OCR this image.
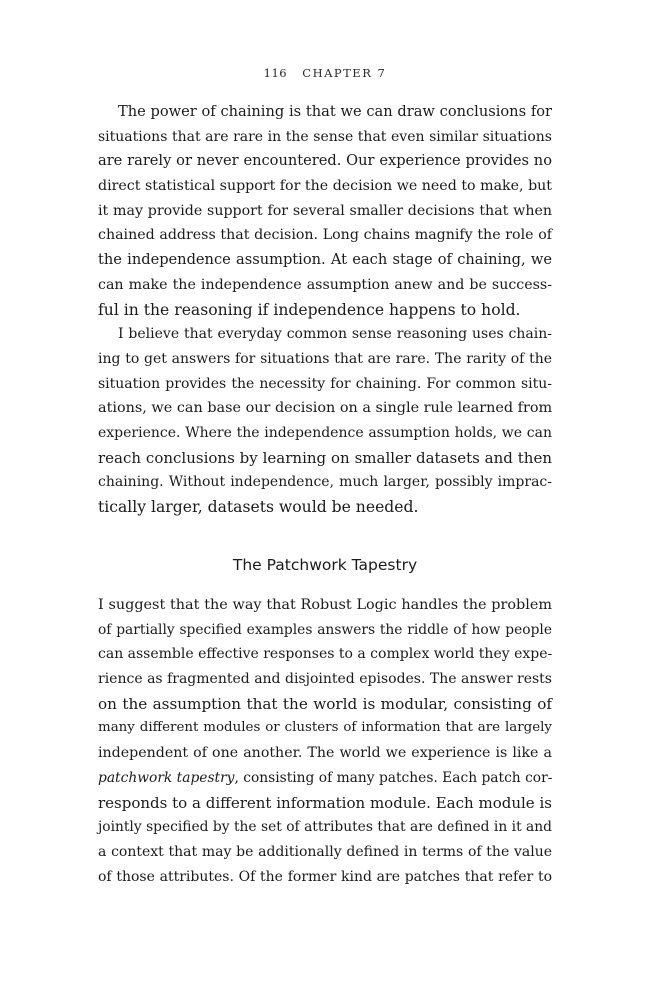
116 CHAPTER 7
The power of chaining is that we can draw conclusions for
situations that are rare in the sense that even similar situations
are rarely or never encountered. Our experience provides no
direct statistical support for the decision we need to make, but
it may provide support for several smaller decisions that when
chained address that decision. Long chains magnify the role of
the independence assumption. At each stage of chaining, we
can make the independence assumption anew and be success-
ful in the reasoning if independence happens to hold.
I believe that everyday common sense reasoning uses chain-
ing to get answers for situations that are rare. The rarity of the
situation provides the necessity for chaining. For common situ-
ations, we can base our decision on a single rule learned from
experience. Where the independence assumption holds, we can
reach conclusions by learning on smaller datasets and then
chaining. Without independence, much larger, possibly imprac-
tically larger, datasets would be needed.
The Patchwork Tapestry
I suggest that the way that Robust Logic handles the problem
of partially specified examples answers the riddle of how people
can assemble effective responses to a complex world they expe-
rience as fragmented and disjointed episodes. The answer rests
on the assumption that the world is modular, consisting of
many different modules or clusters of information that are largely
independent of one another. The world we experience is like a
patchwork tapestry, consisting of many patches. Each patch cor-
responds to a different information module. Each module is
jointly specified by the set of attributes that are defined in it and
a context that may be additionally defined in terms of the value
of those attributes. Of the former kind are patches that refer to
